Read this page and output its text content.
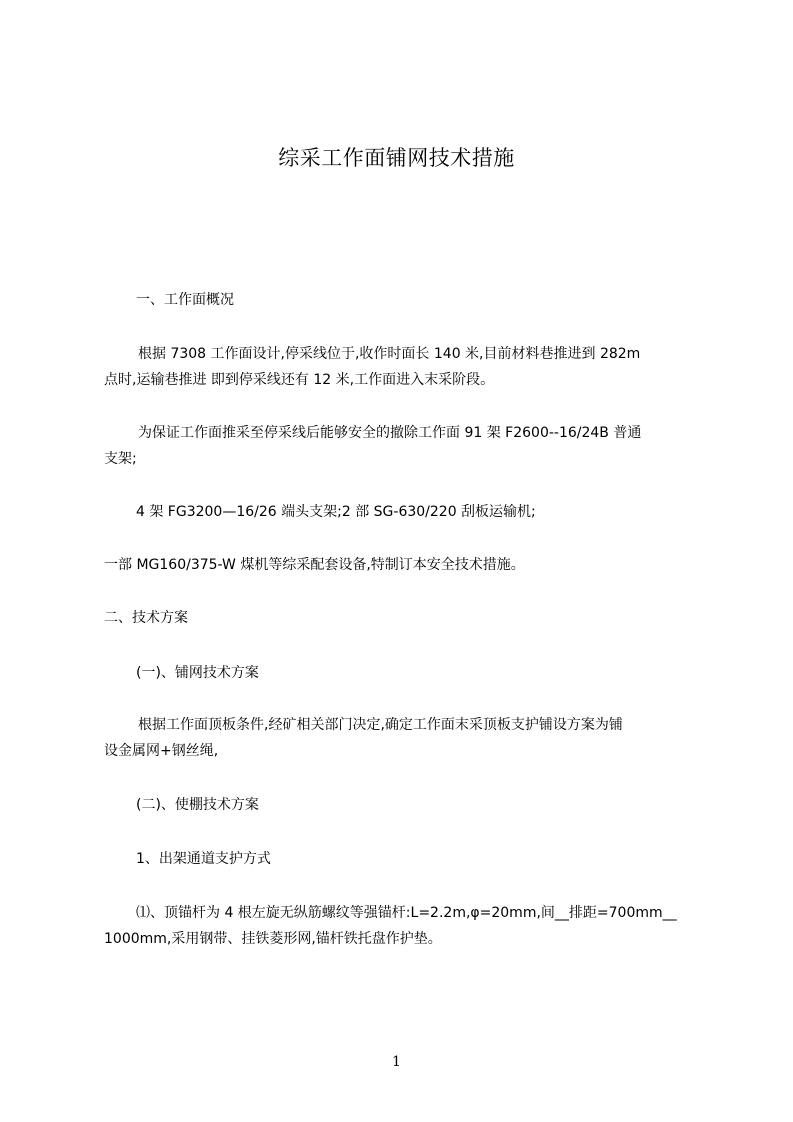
综采工作面铺网技术措施
一、工作面概况
根据 7308 工作面设计,停采线位于,收作时面长 140 米,目前材料巷推进到 282m
点时,运输巷推进 即到停采线还有 12 米,工作面进入末采阶段。
为保证工作面推采至停采线后能够安全的撤除工作面 91 架 F2600--16/24B 普通
支架;
4 架 FG3200—16/26 端头支架;2 部 SG-630/220 刮板运输机;
一部 MG160/375-W 煤机等综采配套设备,特制订本安全技术措施。
二、技术方案
(一)、铺网技术方案
根据工作面顶板条件,经矿相关部门决定,确定工作面末采顶板支护铺设方案为铺
设金属网+钢丝绳,
(二)、使棚技术方案
1、出架通道支护方式
⑴、顶锚杆为 4 根左旋无纵筋螺纹等强锚杆:L=2.2m,φ=20mm,间__排距=700mm__
1000mm,采用钢带、挂铁菱形网,锚杆铁托盘作护垫。
1
